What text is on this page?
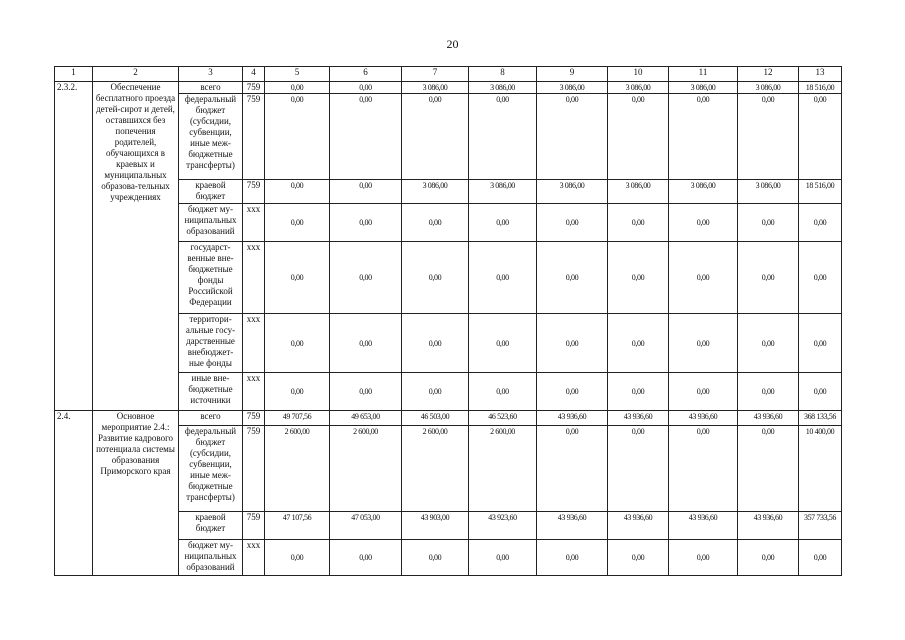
20
1	2	3	4	5	6	7	8	9	10	11	12	13
2.3.2.	Обеспечение бесплатного проезда детей-сирот и детей, оставшихся без попечения родителей, обучающихся в краевых и муниципальных образова-тельных учреждениях	всего	759	0,00	0,00	3 086,00	3 086,00	3 086,00	3 086,00	3 086,00	3 086,00	18 516,00
		федеральный бюджет (субсидии, субвенции, иные меж-бюджетные трансферты)	759	0,00	0,00	0,00	0,00	0,00	0,00	0,00	0,00	0,00
		краевой бюджет	759	0,00	0,00	3 086,00	3 086,00	3 086,00	3 086,00	3 086,00	3 086,00	18 516,00
		бюджет му-ниципальных образований	ххх	0,00	0,00	0,00	0,00	0,00	0,00	0,00	0,00	0,00
		государст-венные вне-бюджетные фонды Российской Федерации	ххх	0,00	0,00	0,00	0,00	0,00	0,00	0,00	0,00	0,00
		территори-альные госу-дарственные внебюджет-ные фонды	ххх	0,00	0,00	0,00	0,00	0,00	0,00	0,00	0,00	0,00
		иные вне-бюджетные источники	ххх	0,00	0,00	0,00	0,00	0,00	0,00	0,00	0,00	0,00
2.4.	Основное мероприятие 2.4.: Развитие кадрового потенциала системы образования Приморского края	всего	759	49 707,56	49 653,00	46 503,00	46 523,60	43 936,60	43 936,60	43 936,60	43 936,60	368 133,56
		федеральный бюджет (субсидии, субвенции, иные меж-бюджетные трансферты)	759	2 600,00	2 600,00	2 600,00	2 600,00	0,00	0,00	0,00	0,00	10 400,00
		краевой бюджет	759	47 107,56	47 053,00	43 903,00	43 923,60	43 936,60	43 936,60	43 936,60	43 936,60	357 733,56
		бюджет му-ниципальных образований	ххх	0,00	0,00	0,00	0,00	0,00	0,00	0,00	0,00	0,00
